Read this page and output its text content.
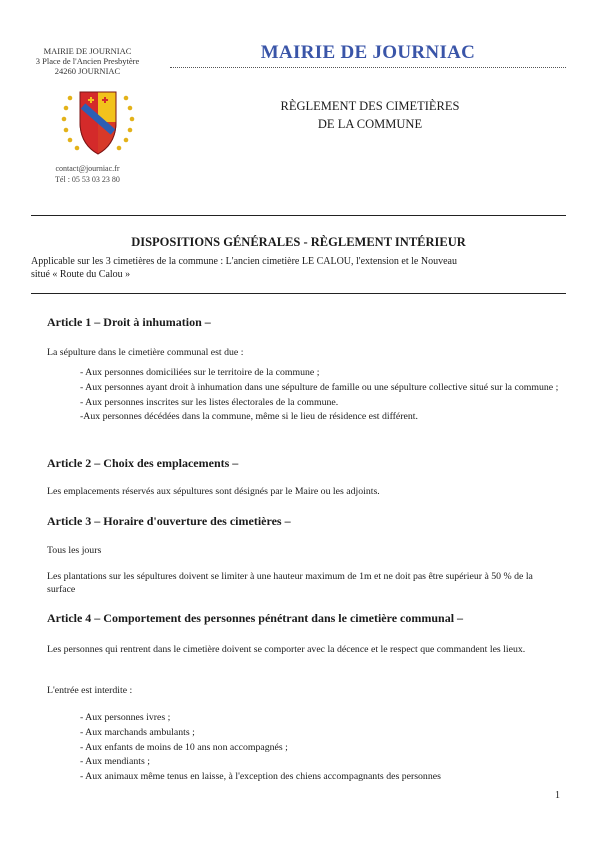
MAIRIE DE JOURNIAC
3 Place de l'Ancien Presbytère
24260 JOURNIAC
contact@journiac.fr
Tél : 05 53 03 23 80
MAIRIE DE JOURNIAC
RÈGLEMENT DES CIMETIÈRES
DE LA COMMUNE
DISPOSITIONS GÉNÉRALES - RÈGLEMENT INTÉRIEUR
Applicable sur les 3 cimetières de la commune : L'ancien cimetière LE CALOU, l'extension et le Nouveau
situé « Route du Calou »
Article 1 – Droit à inhumation –
La sépulture dans le cimetière communal est due :
- Aux personnes domiciliées sur le territoire de la commune ;
- Aux personnes ayant droit à inhumation dans une sépulture de famille ou une sépulture collective situé sur la commune ;
- Aux personnes inscrites sur les listes électorales de la commune.
-Aux personnes décédées dans la commune, même si le lieu de résidence est différent.
Article 2 – Choix des emplacements –
Les emplacements réservés aux sépultures sont désignés par le Maire ou les adjoints.
Article 3 – Horaire d'ouverture des cimetières –
Tous les jours
Les plantations sur les sépultures doivent se limiter à une hauteur maximum de 1m et ne doit pas être supérieur à 50 % de la surface
Article 4 – Comportement des personnes pénétrant dans le cimetière communal –
Les personnes qui rentrent dans le cimetière doivent se comporter avec la décence et le respect que commandent les lieux.
L'entrée est interdite :
- Aux personnes ivres ;
- Aux marchands ambulants ;
- Aux enfants de moins de 10 ans non accompagnés ;
- Aux mendiants ;
- Aux animaux même tenus en laisse, à l'exception des chiens accompagnants des personnes
1
